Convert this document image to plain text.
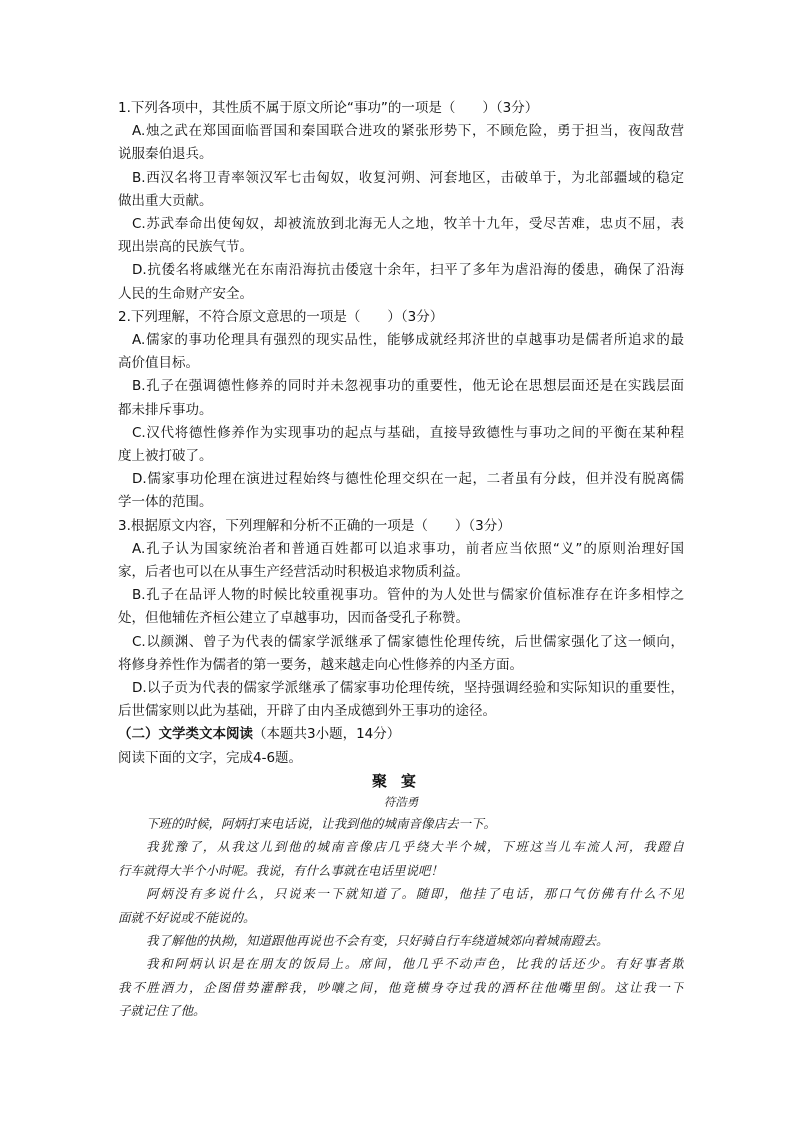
1.下列各项中，其性质不属于原文所论“事功”的一项是（　　）（3分）
A.烛之武在郑国面临晋国和秦国联合进攻的紧张形势下，不顾危险，勇于担当，夜闯敌营
说服秦伯退兵。
B.西汉名将卫青率领汉军七击匈奴，收复河朔、河套地区，击破单于，为北部疆域的稳定
做出重大贡献。
C.苏武奉命出使匈奴，却被流放到北海无人之地，牧羊十九年，受尽苦难，忠贞不屈，表
现出崇高的民族气节。
D.抗倭名将戚继光在东南沿海抗击倭寇十余年，扫平了多年为虐沿海的倭患，确保了沿海
人民的生命财产安全。
2.下列理解，不符合原文意思的一项是（　　）（3分）
A.儒家的事功伦理具有强烈的现实品性，能够成就经邦济世的卓越事功是儒者所追求的最
高价值目标。
B.孔子在强调德性修养的同时并未忽视事功的重要性，他无论在思想层面还是在实践层面
都未排斥事功。
C.汉代将德性修养作为实现事功的起点与基础，直接导致德性与事功之间的平衡在某种程
度上被打破了。
D.儒家事功伦理在演进过程始终与德性伦理交织在一起，二者虽有分歧，但并没有脱离儒
学一体的范围。
3.根据原文内容，下列理解和分析不正确的一项是（　　）（3分）
A.孔子认为国家统治者和普通百姓都可以追求事功，前者应当依照“义”的原则治理好国
家，后者也可以在从事生产经营活动时积极追求物质利益。
B.孔子在品评人物的时候比较重视事功。管仲的为人处世与儒家价值标准存在许多相悖之
处，但他辅佐齐桓公建立了卓越事功，因而备受孔子称赞。
C.以颜渊、曾子为代表的儒家学派继承了儒家德性伦理传统，后世儒家强化了这一倾向，
将修身养性作为儒者的第一要务，越来越走向心性修养的内圣方面。
D.以子贡为代表的儒家学派继承了儒家事功伦理传统，坚持强调经验和实际知识的重要性，
后世儒家则以此为基础，开辟了由内圣成德到外王事功的途径。
（二）文学类文本阅读（本题共3小题，14分）
阅读下面的文字，完成4-6题。
聚宴
符浩勇
下班的时候，阿炳打来电话说，让我到他的城南音像店去一下。
我犹豫了，从我这儿到他的城南音像店几乎绕大半个城，下班这当儿车流人河，我蹬自
行车就得大半个小时呢。我说，有什么事就在电话里说吧！
阿炳没有多说什么，只说来一下就知道了。随即，他挂了电话，那口气仿佛有什么不见
面就不好说或不能说的。
我了解他的执拗，知道跟他再说也不会有变，只好骑自行车绕道城郊向着城南蹬去。
我和阿炳认识是在朋友的饭局上。席间，他几乎不动声色，比我的话还少。有好事者欺
我不胜酒力，企图借势灌醉我，吵嚷之间，他竟横身夺过我的酒杯往他嘴里倒。这让我一下
子就记住了他。
